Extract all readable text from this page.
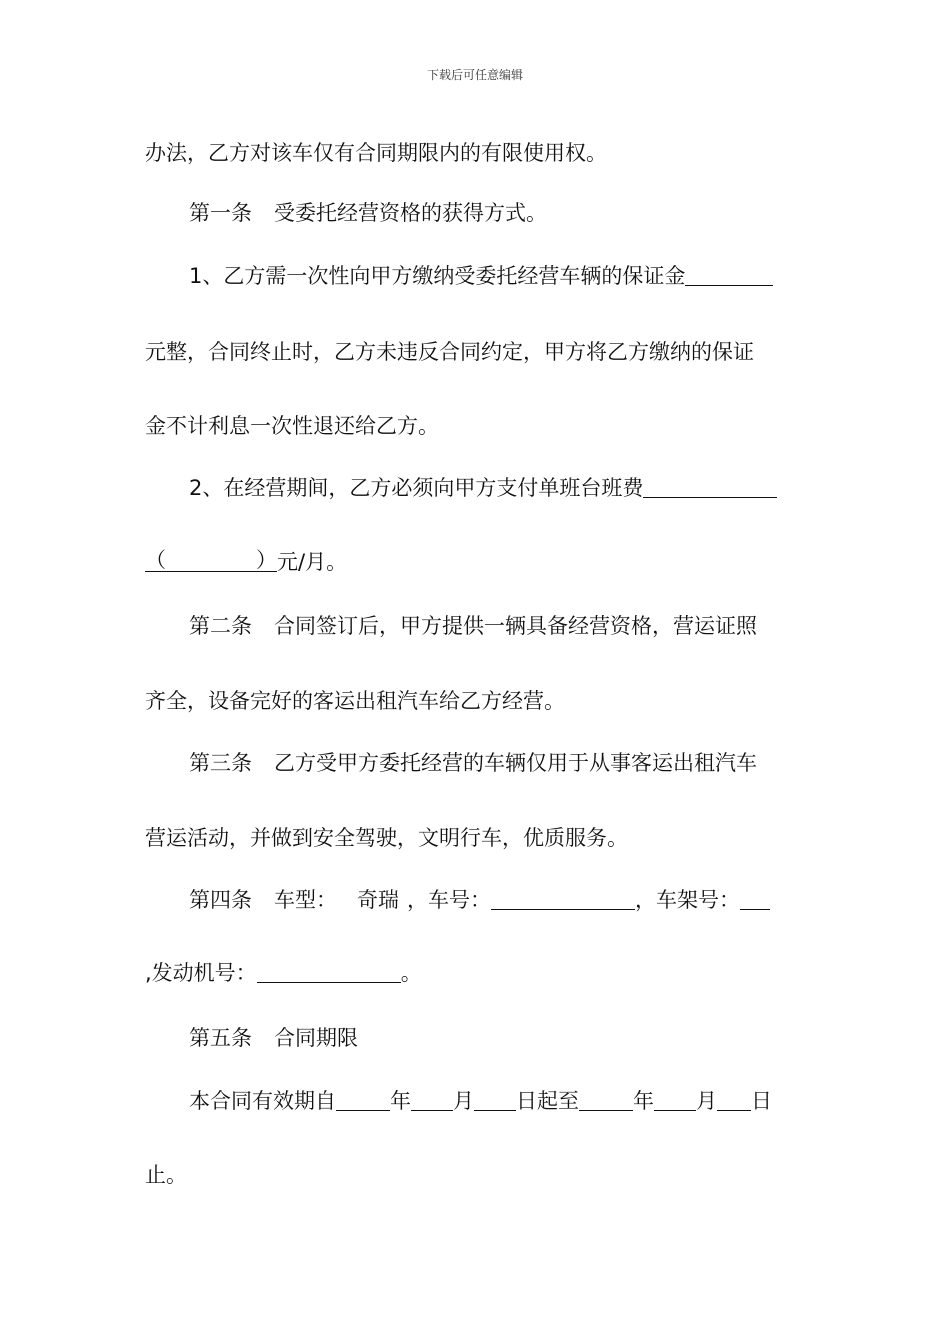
下载后可任意编辑
办法，乙方对该车仅有合同期限内的有限使用权。
第一条 受委托经营资格的获得方式。
1、乙方需一次性向甲方缴纳受委托经营车辆的保证金
元整，合同终止时，乙方未违反合同约定，甲方将乙方缴纳的保证
金不计利息一次性退还给乙方。
2、在经营期间，乙方必须向甲方支付单班台班费
（	） 元/月。
第二条 合同签订后，甲方提供一辆具备经营资格，营运证照
齐全，设备完好的客运出租汽车给乙方经营。
第三条 乙方受甲方委托经营的车辆仅用于从事客运出租汽车
营运活动，并做到安全驾驶，文明行车，优质服务。
第四条 车型： 奇瑞 ，车号：	，车架号：
,发动机号：	。
第五条 合同期限
本合同有效期自	年 月 日起至	年 月 日
止。
